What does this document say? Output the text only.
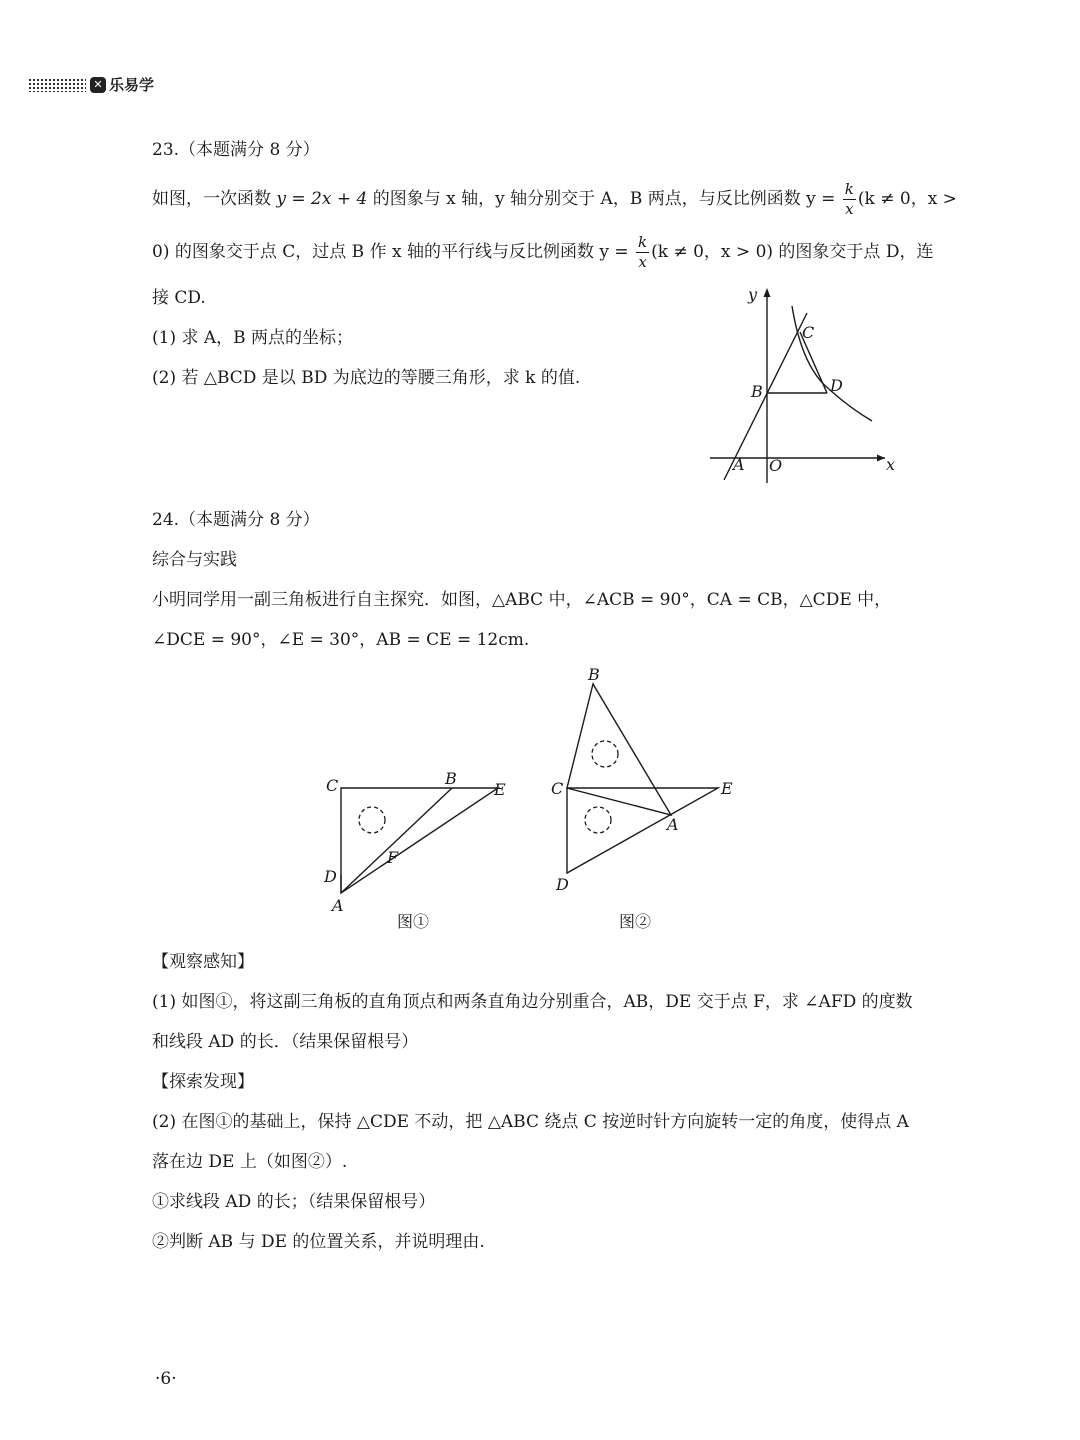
✕ 乐易学
23.（本题满分 8 分）
如图，一次函数 y = 2x + 4 的图象与 x 轴，y 轴分别交于 A，B 两点，与反比例函数 $y = \frac{k}{x} (k \ne 0$，x >
0) 的图象交于点 C，过点 B 作 x 轴的平行线与反比例函数 $y = \frac{k}{x} (k \ne 0$，x > 0) 的图象交于点 D，连
接 CD.
(1) 求 A，B 两点的坐标；
(2) 若 △BCD 是以 BD 为底边的等腰三角形，求 k 的值.
y
x
A O
B
C
D
24.（本题满分 8 分）
综合与实践
小明同学用一副三角板进行自主探究．如图，△ABC 中，∠ACB = 90°，CA = CB，△CDE 中，
∠DCE = 90°，∠E = 30°，AB = CE = 12cm.
C	B
E
F
D
A
图①
B
C	E
A
D
图②
【观察感知】
(1) 如图①，将这副三角板的直角顶点和两条直角边分别重合，AB，DE 交于点 F，求 ∠AFD 的度数
和线段 AD 的长．（结果保留根号）
【探索发现】
(2) 在图①的基础上，保持 △CDE 不动，把 △ABC 绕点 C 按逆时针方向旋转一定的角度，使得点 A
落在边 DE 上（如图②）.
①求线段 AD 的长；（结果保留根号）
②判断 AB 与 DE 的位置关系，并说明理由.
·6·
